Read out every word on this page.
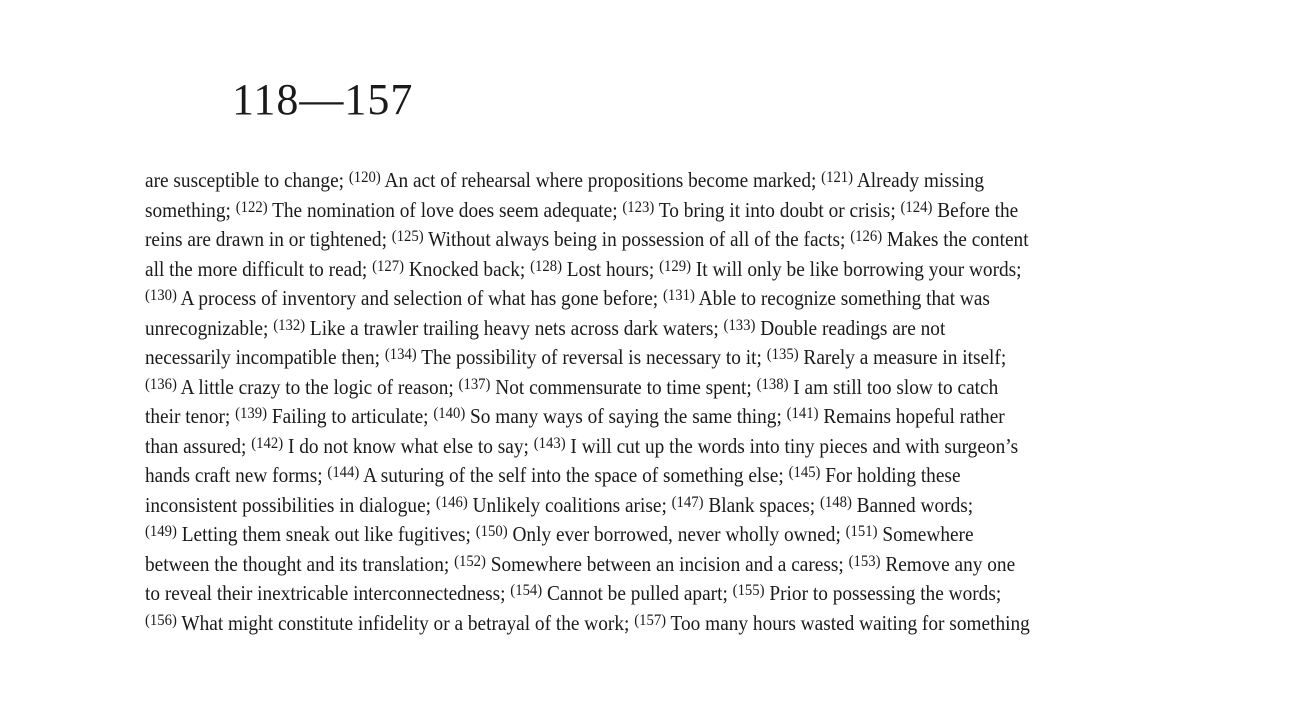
118—157
are susceptible to change; $^{(120)}$ An act of rehearsal where propositions become marked; $^{(121)}$ Already missing
something; $^{(122)}$ The nomination of love does seem adequate; $^{(123)}$ To bring it into doubt or crisis; $^{(124)}$ Before the
reins are drawn in or tightened; $^{(125)}$ Without always being in possession of all of the facts; $^{(126)}$ Makes the content
all the more difficult to read; $^{(127)}$ Knocked back; $^{(128)}$ Lost hours; $^{(129)}$ It will only be like borrowing your words;
$^{(130)}$ A process of inventory and selection of what has gone before; $^{(131)}$ Able to recognize something that was
unrecognizable; $^{(132)}$ Like a trawler trailing heavy nets across dark waters; $^{(133)}$ Double readings are not
necessarily incompatible then; $^{(134)}$ The possibility of reversal is necessary to it; $^{(135)}$ Rarely a measure in itself;
$^{(136)}$ A little crazy to the logic of reason; $^{(137)}$ Not commensurate to time spent; $^{(138)}$ I am still too slow to catch
their tenor; $^{(139)}$ Failing to articulate; $^{(140)}$ So many ways of saying the same thing; $^{(141)}$ Remains hopeful rather
than assured; $^{(142)}$ I do not know what else to say; $^{(143)}$ I will cut up the words into tiny pieces and with surgeon’s
hands craft new forms; $^{(144)}$ A suturing of the self into the space of something else; $^{(145)}$ For holding these
inconsistent possibilities in dialogue; $^{(146)}$ Unlikely coalitions arise; $^{(147)}$ Blank spaces; $^{(148)}$ Banned words;
$^{(149)}$ Letting them sneak out like fugitives; $^{(150)}$ Only ever borrowed, never wholly owned; $^{(151)}$ Somewhere
between the thought and its translation; $^{(152)}$ Somewhere between an incision and a caress; $^{(153)}$ Remove any one
to reveal their inextricable interconnectedness; $^{(154)}$ Cannot be pulled apart; $^{(155)}$ Prior to possessing the words;
$^{(156)}$ What might constitute infidelity or a betrayal of the work; $^{(157)}$ Too many hours wasted waiting for something
